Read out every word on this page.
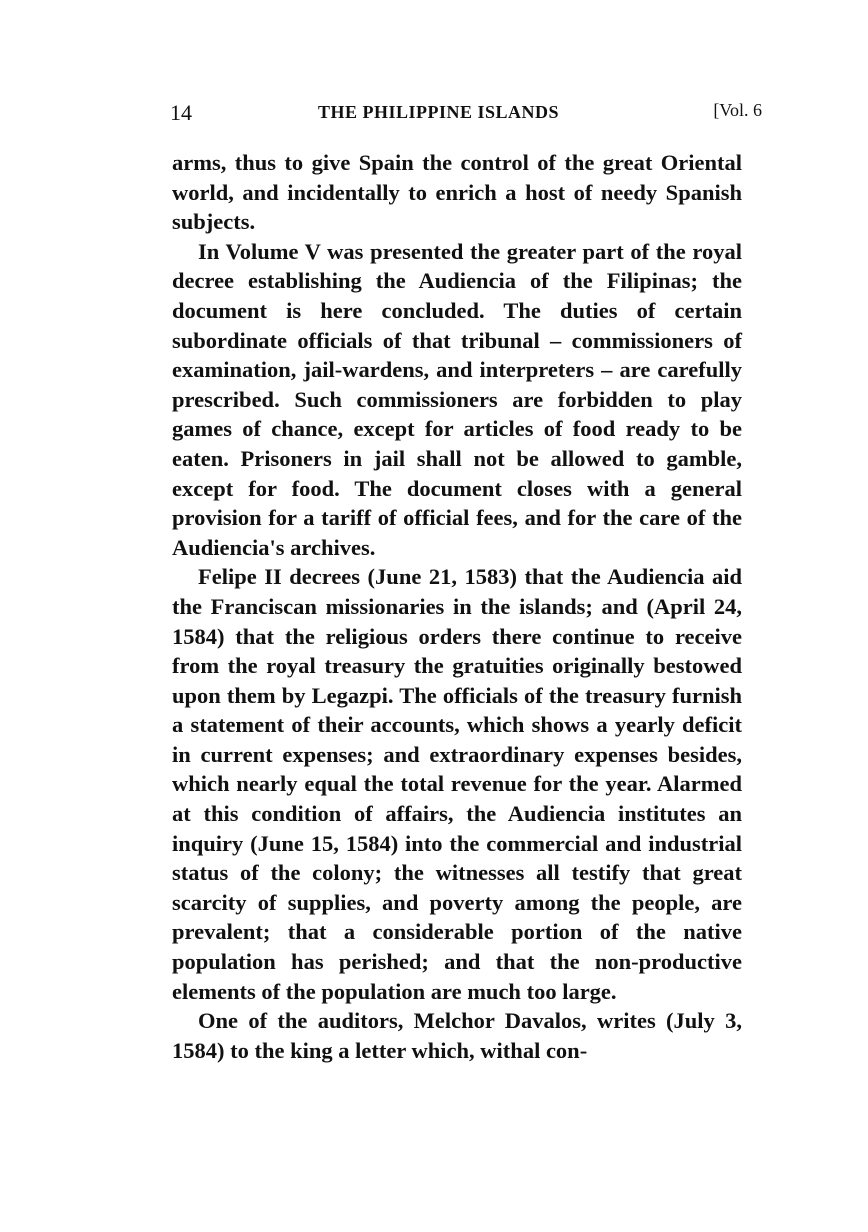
14	THE PHILIPPINE ISLANDS	[Vol. 6

arms, thus to give Spain the control of the great Oriental world, and incidentally to enrich a host of needy Spanish subjects.

In Volume V was presented the greater part of the royal decree establishing the Audiencia of the Filipinas; the document is here concluded. The duties of certain subordinate officials of that tribunal – commissioners of examination, jail-wardens, and interpreters – are carefully prescribed. Such commissioners are forbidden to play games of chance, except for articles of food ready to be eaten. Prisoners in jail shall not be allowed to gamble, except for food. The document closes with a general provision for a tariff of official fees, and for the care of the Audiencia's archives.

Felipe II decrees (June 21, 1583) that the Audiencia aid the Franciscan missionaries in the islands; and (April 24, 1584) that the religious orders there continue to receive from the royal treasury the gratuities originally bestowed upon them by Legazpi. The officials of the treasury furnish a statement of their accounts, which shows a yearly deficit in current expenses; and extraordinary expenses besides, which nearly equal the total revenue for the year. Alarmed at this condition of affairs, the Audiencia institutes an inquiry (June 15, 1584) into the commercial and industrial status of the colony; the witnesses all testify that great scarcity of supplies, and poverty among the people, are prevalent; that a considerable portion of the native population has perished; and that the non-productive elements of the population are much too large.

One of the auditors, Melchor Davalos, writes (July 3, 1584) to the king a letter which, withal con-
